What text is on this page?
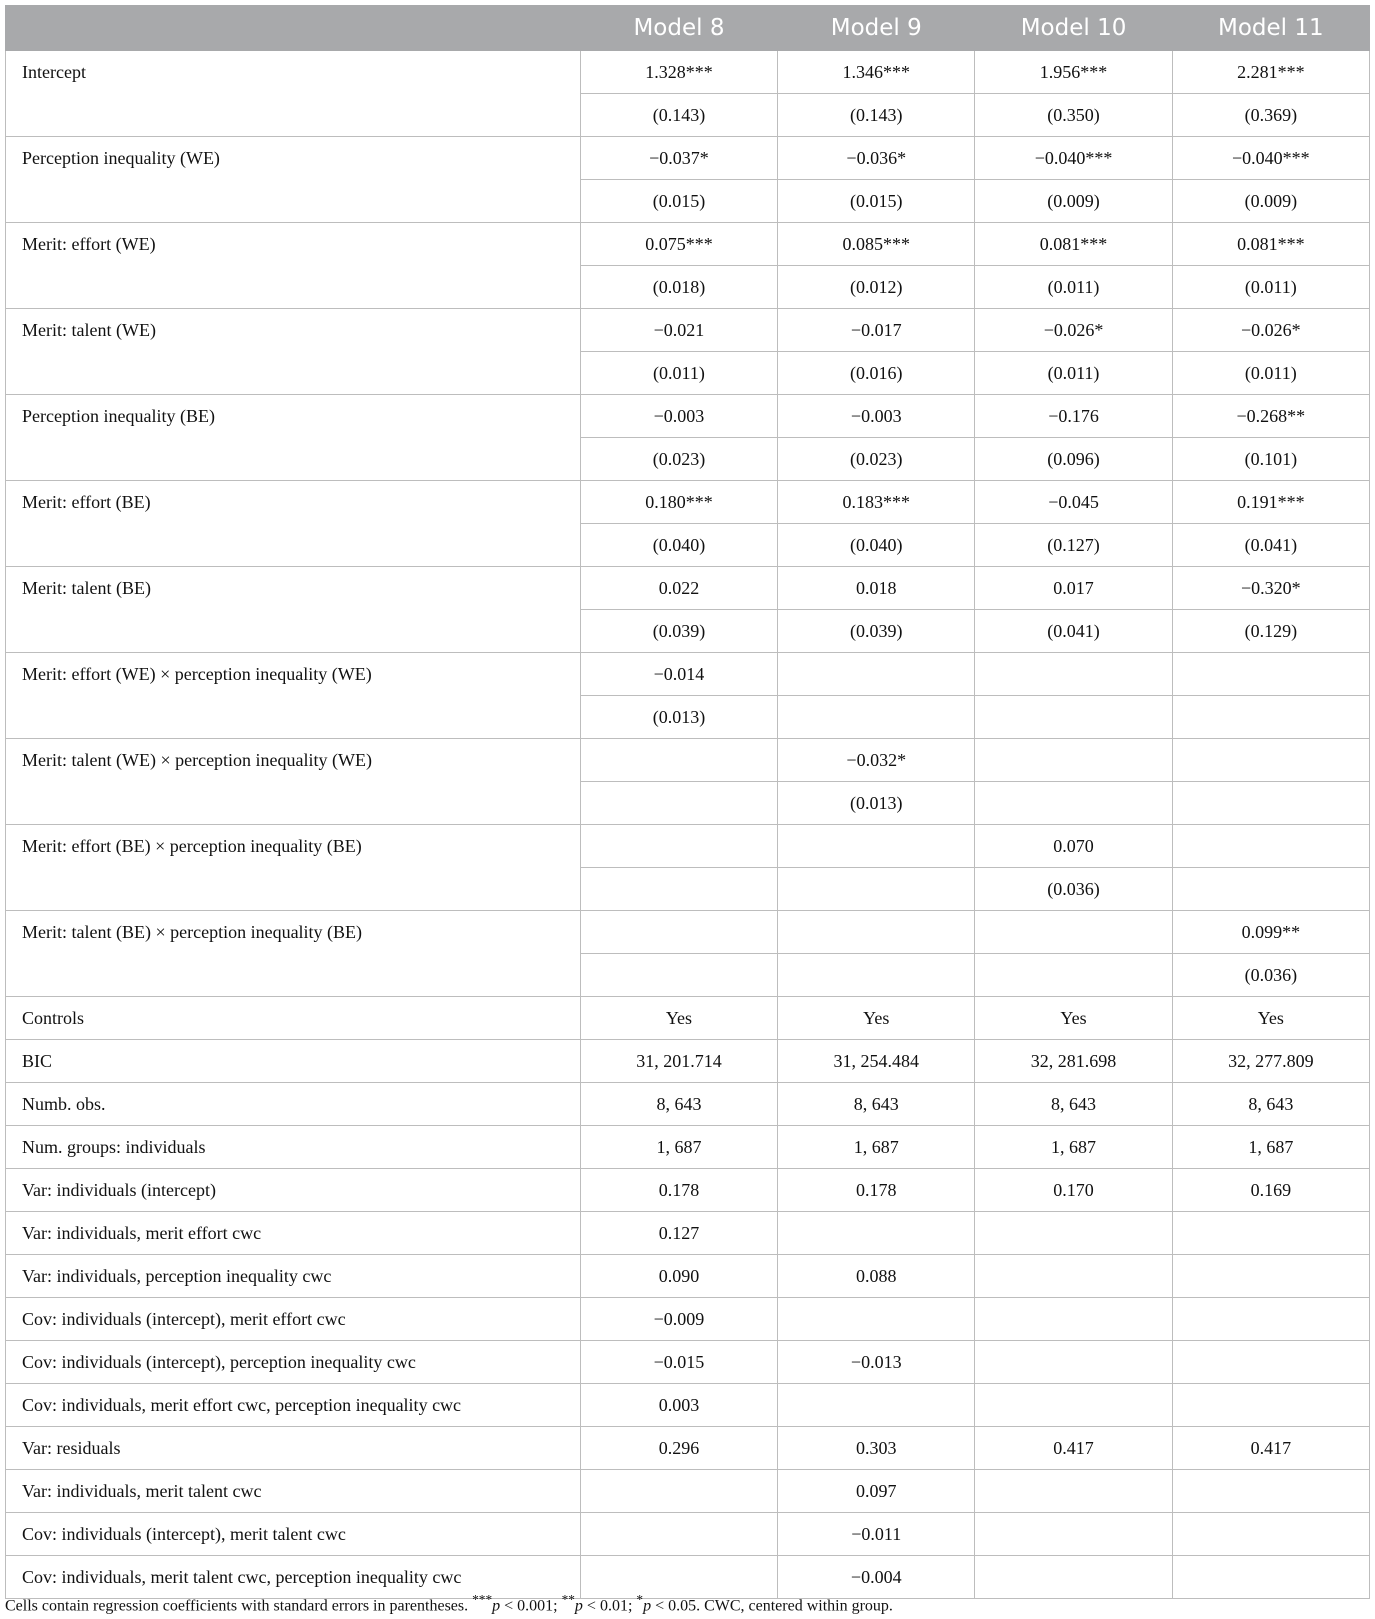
	Model 8	Model 9	Model 10	Model 11
Intercept	1.328***	1.346***	1.956***	2.281***
	(0.143)	(0.143)	(0.350)	(0.369)
Perception inequality (WE)	−0.037*	−0.036*	−0.040***	−0.040***
	(0.015)	(0.015)	(0.009)	(0.009)
Merit: effort (WE)	0.075***	0.085***	0.081***	0.081***
	(0.018)	(0.012)	(0.011)	(0.011)
Merit: talent (WE)	−0.021	−0.017	−0.026*	−0.026*
	(0.011)	(0.016)	(0.011)	(0.011)
Perception inequality (BE)	−0.003	−0.003	−0.176	−0.268**
	(0.023)	(0.023)	(0.096)	(0.101)
Merit: effort (BE)	0.180***	0.183***	−0.045	0.191***
	(0.040)	(0.040)	(0.127)	(0.041)
Merit: talent (BE)	0.022	0.018	0.017	−0.320*
	(0.039)	(0.039)	(0.041)	(0.129)
Merit: effort (WE) × perception inequality (WE)	−0.014			
	(0.013)			
Merit: talent (WE) × perception inequality (WE)		−0.032*		
		(0.013)		
Merit: effort (BE) × perception inequality (BE)			0.070	
			(0.036)	
Merit: talent (BE) × perception inequality (BE)				0.099**
				(0.036)
Controls	Yes	Yes	Yes	Yes
BIC	31, 201.714	31, 254.484	32, 281.698	32, 277.809
Numb. obs.	8, 643	8, 643	8, 643	8, 643
Num. groups: individuals	1, 687	1, 687	1, 687	1, 687
Var: individuals (intercept)	0.178	0.178	0.170	0.169
Var: individuals, merit effort cwc	0.127			
Var: individuals, perception inequality cwc	0.090	0.088		
Cov: individuals (intercept), merit effort cwc	−0.009			
Cov: individuals (intercept), perception inequality cwc	−0.015	−0.013		
Cov: individuals, merit effort cwc, perception inequality cwc	0.003			
Var: residuals	0.296	0.303	0.417	0.417
Var: individuals, merit talent cwc		0.097		
Cov: individuals (intercept), merit talent cwc		−0.011		
Cov: individuals, merit talent cwc, perception inequality cwc		−0.004		
Cells contain regression coefficients with standard errors in parentheses. ***p < 0.001; **p < 0.01; *p < 0.05. CWC, centered within group.
